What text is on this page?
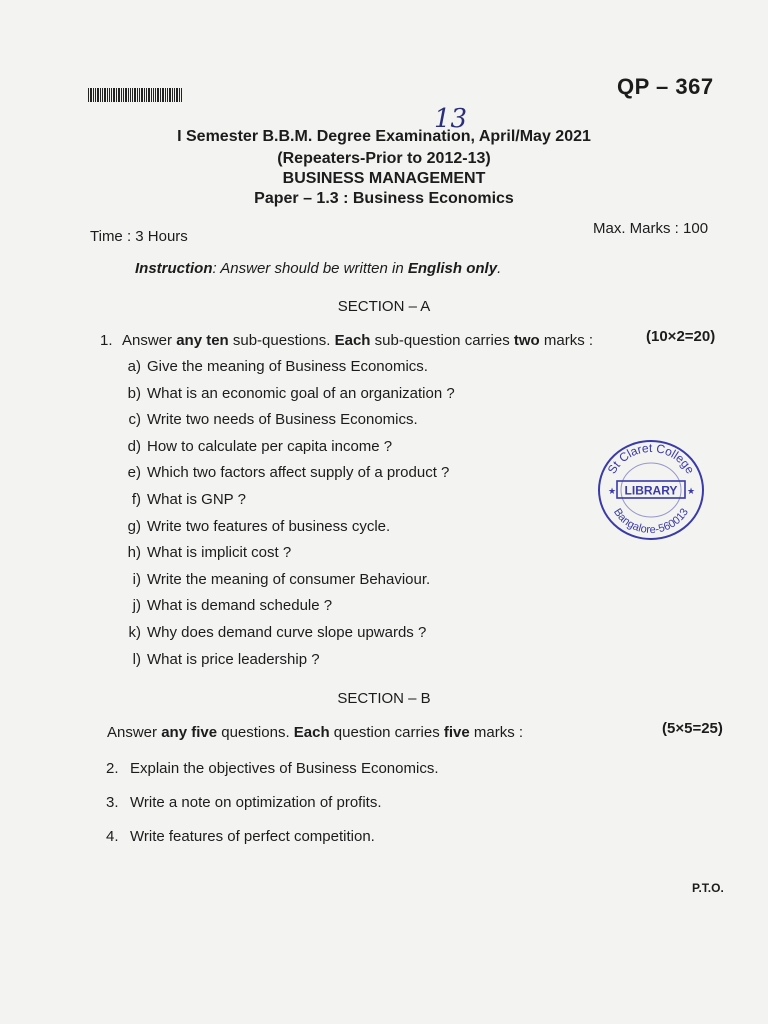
QP – 367
13
I Semester B.B.M. Degree Examination, April/May 2021
(Repeaters-Prior to 2012-13)
BUSINESS MANAGEMENT
Paper – 1.3 : Business Economics
Time : 3 Hours	Max. Marks : 100
Instruction: Answer should be written in English only.
SECTION – A
1. Answer any ten sub-questions. Each sub-question carries two marks :	(10×2=20)
a) Give the meaning of Business Economics.
b) What is an economic goal of an organization ?
c) Write two needs of Business Economics.
d) How to calculate per capita income ?
e) Which two factors affect supply of a product ?
f) What is GNP ?
g) Write two features of business cycle.
h) What is implicit cost ?
i) Write the meaning of consumer Behaviour.
j) What is demand schedule ?
k) Why does demand curve slope upwards ?
l) What is price leadership ?
SECTION – B
Answer any five questions. Each question carries five marks :	(5×5=25)
2. Explain the objectives of Business Economics.
3. Write a note on optimization of profits.
4. Write features of perfect competition.
St Claret College
LIBRARY
★	★
Bangalore-560013
P.T.O.
